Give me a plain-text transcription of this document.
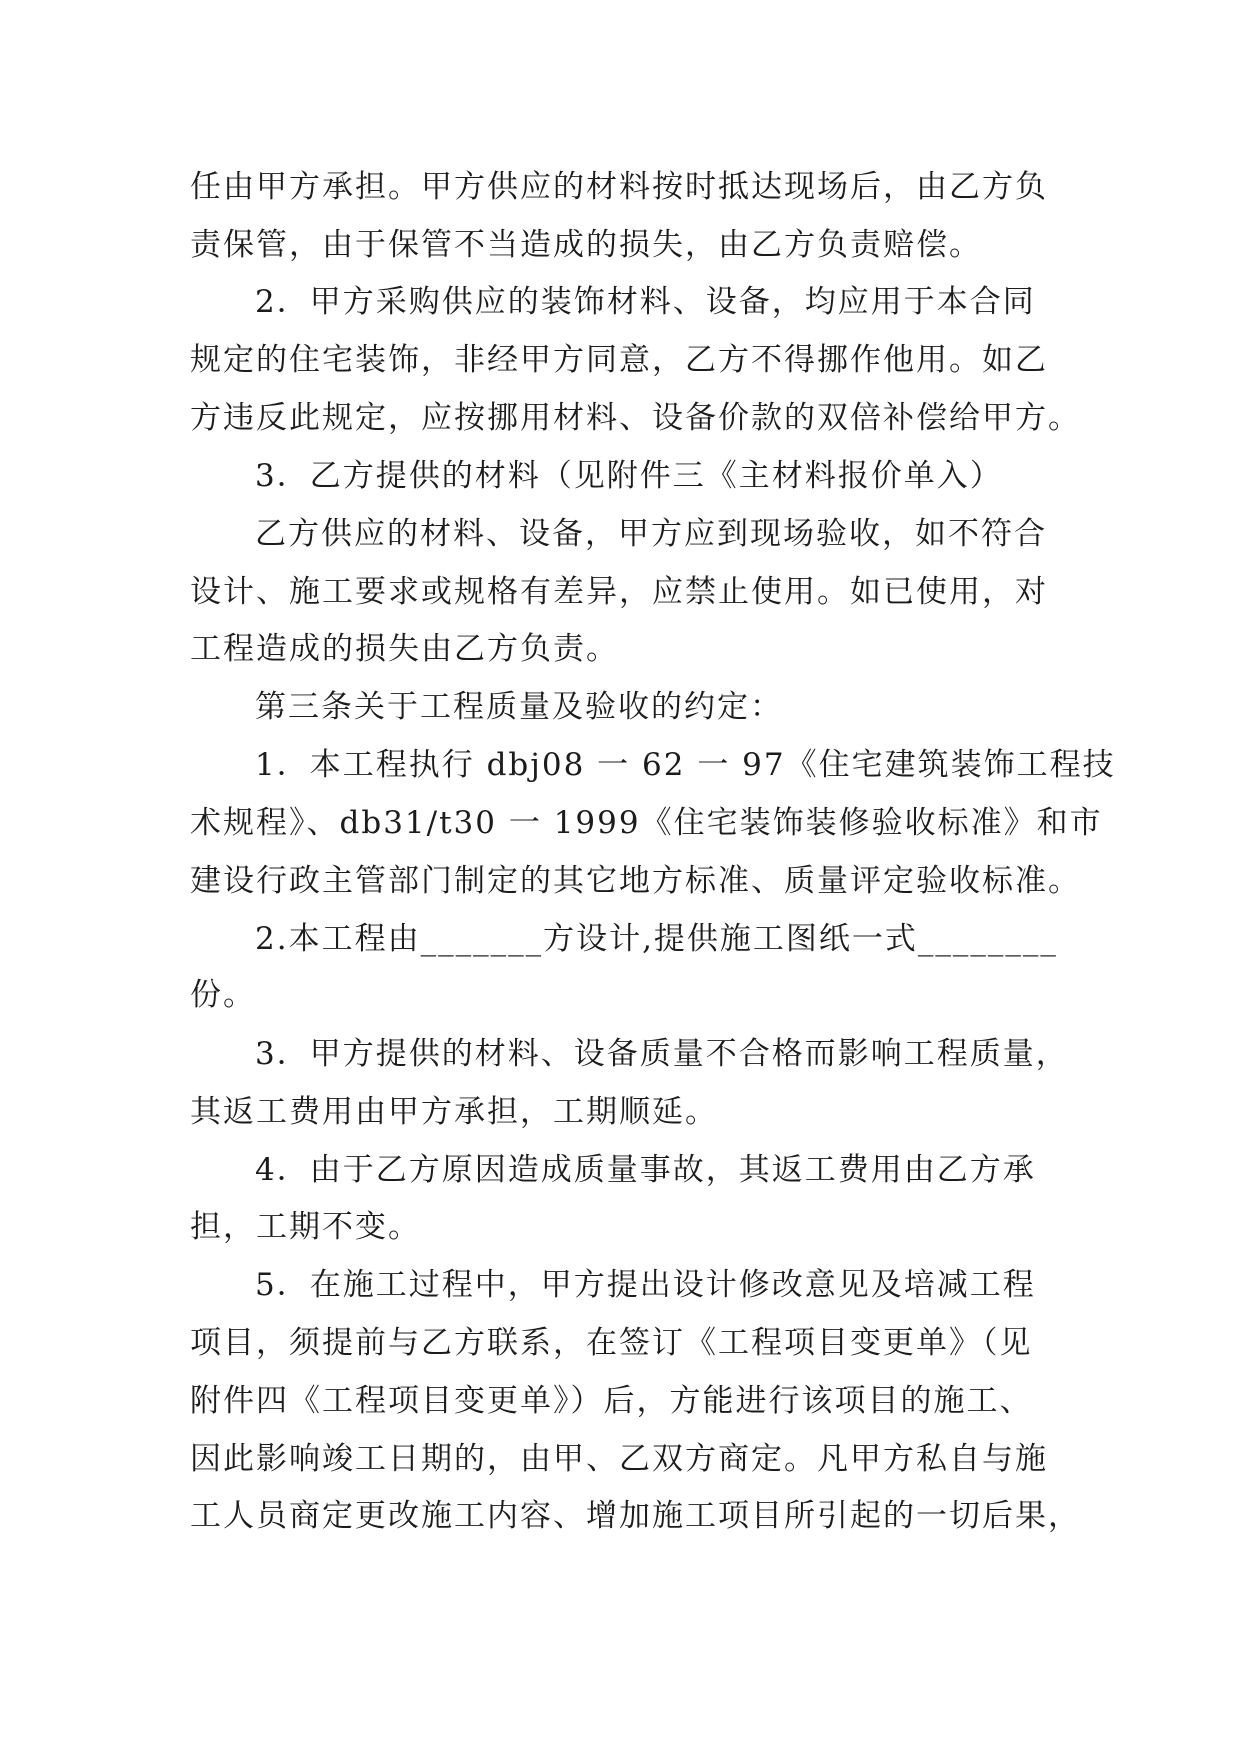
任由甲方承担。甲方供应的材料按时抵达现场后，由乙方负
责保管，由于保管不当造成的损失，由乙方负责赔偿。
2．甲方采购供应的装饰材料、设备，均应用于本合同
规定的住宅装饰，非经甲方同意，乙方不得挪作他用。如乙
方违反此规定，应按挪用材料、设备价款的双倍补偿给甲方。
3．乙方提供的材料（见附件三《主材料报价单入）
乙方供应的材料、设备，甲方应到现场验收，如不符合
设计、施工要求或规格有差异，应禁止使用。如已使用，对
工程造成的损失由乙方负责。
第三条关于工程质量及验收的约定：
1．本工程执行 dbj08 一 62 一 97《住宅建筑装饰工程技
术规程》、db31/t30 一 1999《住宅装饰装修验收标准》和市
建设行政主管部门制定的其它地方标准、质量评定验收标准。
2.本工程由_______方设计,提供施工图纸一式________
份。
3．甲方提供的材料、设备质量不合格而影响工程质量，
其返工费用由甲方承担，工期顺延。
4．由于乙方原因造成质量事故，其返工费用由乙方承
担，工期不变。
5．在施工过程中，甲方提出设计修改意见及培减工程
项目，须提前与乙方联系，在签订《工程项目变更单》（见
附件四《工程项目变更单》）后，方能进行该项目的施工、
因此影响竣工日期的，由甲、乙双方商定。凡甲方私自与施
工人员商定更改施工内容、增加施工项目所引起的一切后果，
